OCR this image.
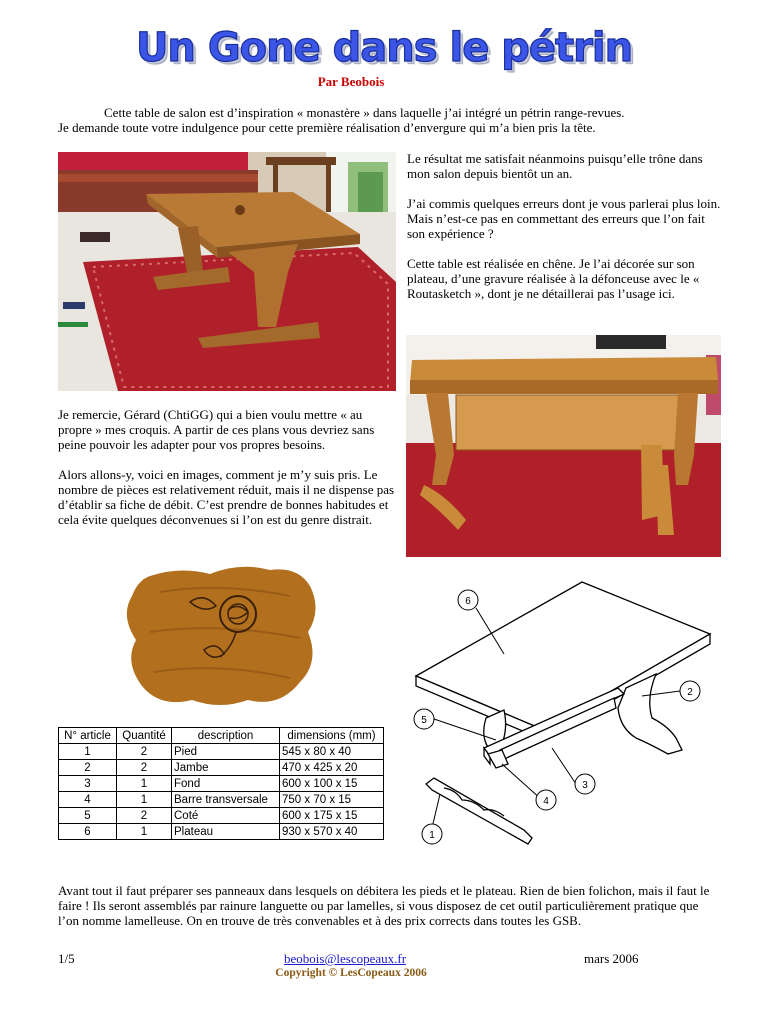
Un Gone dans le pétrin
Par Beobois

Cette table de salon est d’inspiration « monastère » dans laquelle j’ai intégré un pétrin range-revues.

Je demande toute votre indulgence pour cette première réalisation d’envergure qui m’a bien pris la tête.

Le résultat me satisfait néanmoins puisqu’elle trône dans mon salon depuis bientôt un an.

J’ai commis quelques erreurs dont je vous parlerai plus loin. Mais n’est-ce pas en commettant des erreurs que l’on fait son expérience ?

Cette table est réalisée en chêne. Je l’ai décorée sur son plateau, d’une gravure réalisée à la défonceuse avec le « Routasketch », dont je ne détaillerai pas l’usage ici.

Je remercie, Gérard (ChtiGG) qui a bien voulu mettre « au propre » mes croquis. A partir de ces plans vous devriez sans peine pouvoir les adapter pour vos propres besoins.

Alors allons-y, voici en images, comment je m’y suis pris. Le nombre de pièces est relativement réduit, mais il ne dispense pas d’établir sa fiche de débit. C’est prendre de bonnes habitudes et cela évite quelques déconvenues si l’on est du genre distrait.

N° article	Quantité	description	dimensions (mm)
1	2	Pied	545 x 80 x 40
2	2	Jambe	470 x 425 x 20
3	1	Fond	600 x 100 x 15
4	1	Barre transversale	750 x 70 x 15
5	2	Coté	600 x 175 x 15
6	1	Plateau	930 x 570 x 40
6
2
5
3
4
1
Avant tout il faut préparer ses panneaux dans lesquels on débitera les pieds et le plateau. Rien de bien folichon, mais il faut le faire ! Ils seront assemblés par rainure languette ou par lamelles, si vous disposez de cet outil particulièrement pratique que l’on nomme lamelleuse. On en trouve de très convenables et à des prix corrects dans toutes les GSB.
1/5	beobois@lescopeaux.fr	mars 2006
Copyright © LesCopeaux 2006
